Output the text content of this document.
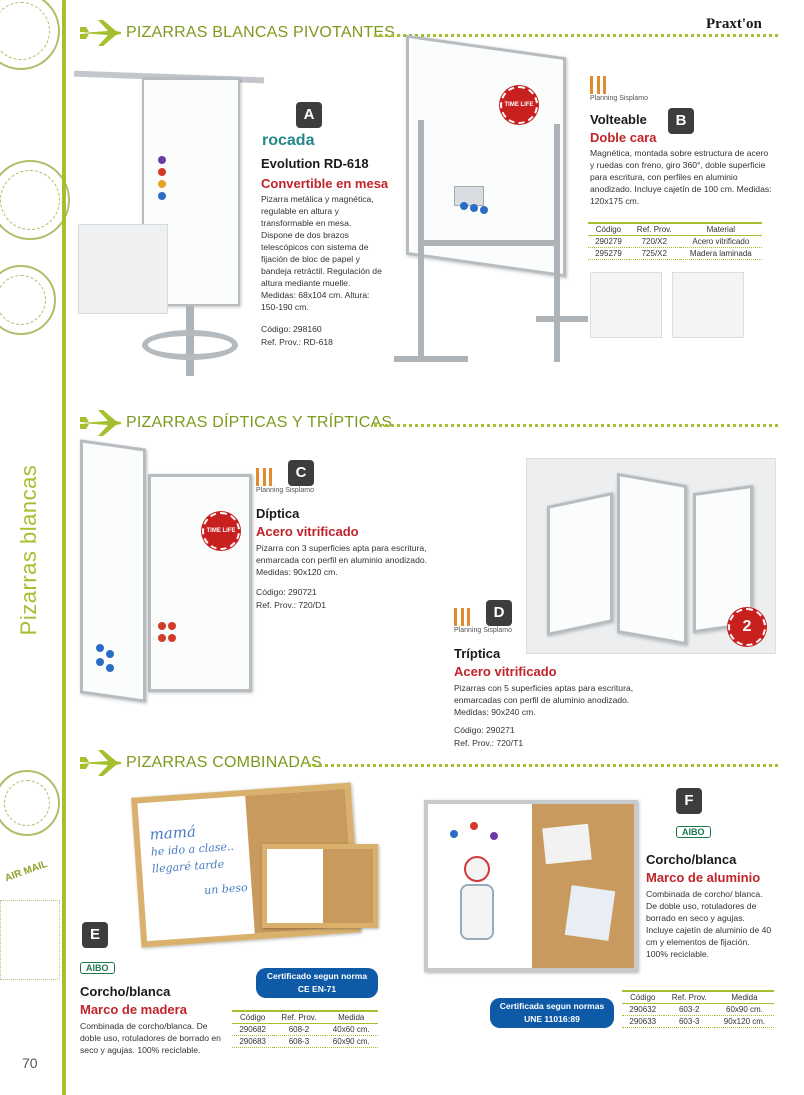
AIR MAIL
Pizarras blancas
70
Praxt'on
PIZARRAS BLANCAS PIVOTANTES
PIZARRAS DÍPTICAS Y TRÍPTICAS
PIZARRAS COMBINADAS
A
rocada
Evolution RD-618
Convertible en mesa
Pizarra metálica y magnética, regulable en altura y transformable en mesa. Dispone de dos brazos telescópicos con sistema de fijación de bloc de papel y bandeja retráctil. Regulación de altura mediante muelle. Medidas: 68x104 cm. Altura: 150-190 cm.
Código: 298160
Ref. Prov.: RD-618
TIME LIFE
Planning Sisplamo
B
Volteable
Doble cara
Magnética, montada sobre estructura de acero y ruedas con freno, giro 360°, doble superficie para escritura, con perfiles en aluminio anodizado. Incluye cajetín de 100 cm. Medidas: 120x175 cm.
Código	Ref. Prov.	Material
290279	720/X2	Acero vitrificado
295279	725/X2	Madera laminada
TIME LIFE
Planning Sisplamo
C
Díptica
Acero vitrificado
Pizarra con 3 superficies apta para escritura, enmarcada con perfil en aluminio anodizado. Medidas: 90x120 cm.
Código: 290721
Ref. Prov.: 720/D1
2
Planning Sisplamo
D
Tríptica
Acero vitrificado
Pizarras con 5 superficies aptas para escritura, enmarcadas con perfil de aluminio anodizado. Medidas: 90x240 cm.
Código: 290271
Ref. Prov.: 720/T1
mamá
he ido a clase..
llegaré tarde
un beso
E
AIBO
Corcho/blanca
Marco de madera
Combinada de corcho/blanca. De doble uso, rotuladores de borrado en seco y agujas. 100% reciclable.
Certificado segun norma
CE EN-71
Código	Ref. Prov.	Medida
290682	608-2	40x60 cm.
290683	608-3	60x90 cm.
Certificada segun normas
UNE 11016:89
F
AIBO
Corcho/blanca
Marco de aluminio
Combinada de corcho/ blanca. De doble uso, rotuladores de borrado en seco y agujas. Incluye cajetín de aluminio de 40 cm y elementos de fijación. 100% reciclable.
Código	Ref. Prov.	Medida
290632	603-2	60x90 cm.
290633	603-3	90x120 cm.
